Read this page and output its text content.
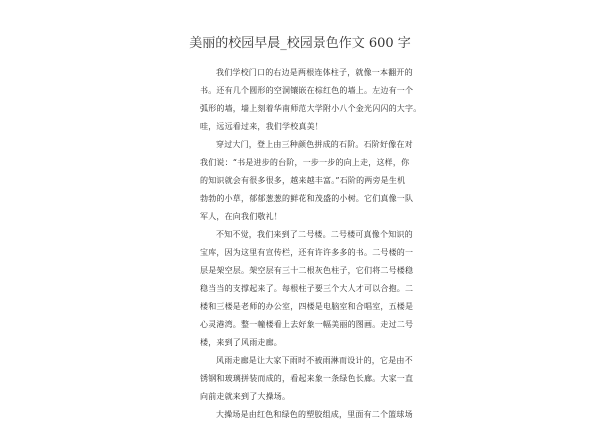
美丽的校园早晨_校园景色作文 600 字
我们学校门口的右边是两根连体柱子，就像一本翻开的
书。还有几个圆形的空洞镶嵌在棕红色的墙上。左边有一个
弧形的墙，墙上刻着华南师范大学附小八个金光闪闪的大字。
哇，远远看过来，我们学校真美！
穿过大门，登上由三种颜色拼成的石阶。石阶好像在对
我们说：“书是进步的台阶，一步一步的向上走，这样，你
的知识就会有很多很多，越来越丰富。”石阶的两旁是生机
勃勃的小草，郁郁葱葱的鲜花和茂盛的小树。它们真像一队
军人，在向我们敬礼！
不知不觉，我们来到了二号楼。二号楼可真像个知识的
宝库，因为这里有宣传栏，还有许许多多的书。二号楼的一
层是架空层。架空层有三十二根灰色柱子，它们将二号楼稳
稳当当的支撑起来了。每根柱子要三个大人才可以合抱。二
楼和三楼是老师的办公室，四楼是电脑室和合唱室，五楼是
心灵港湾。整一幢楼看上去好象一幅美丽的图画。走过二号
楼，来到了风雨走廊。
风雨走廊是让大家下雨时不被雨淋而设计的，它是由不
锈钢和玻璃拼装而成的，看起来象一条绿色长廊。大家一直
向前走就来到了大操场。
大操场是由红色和绿色的塑胶组成，里面有二个篮球场
